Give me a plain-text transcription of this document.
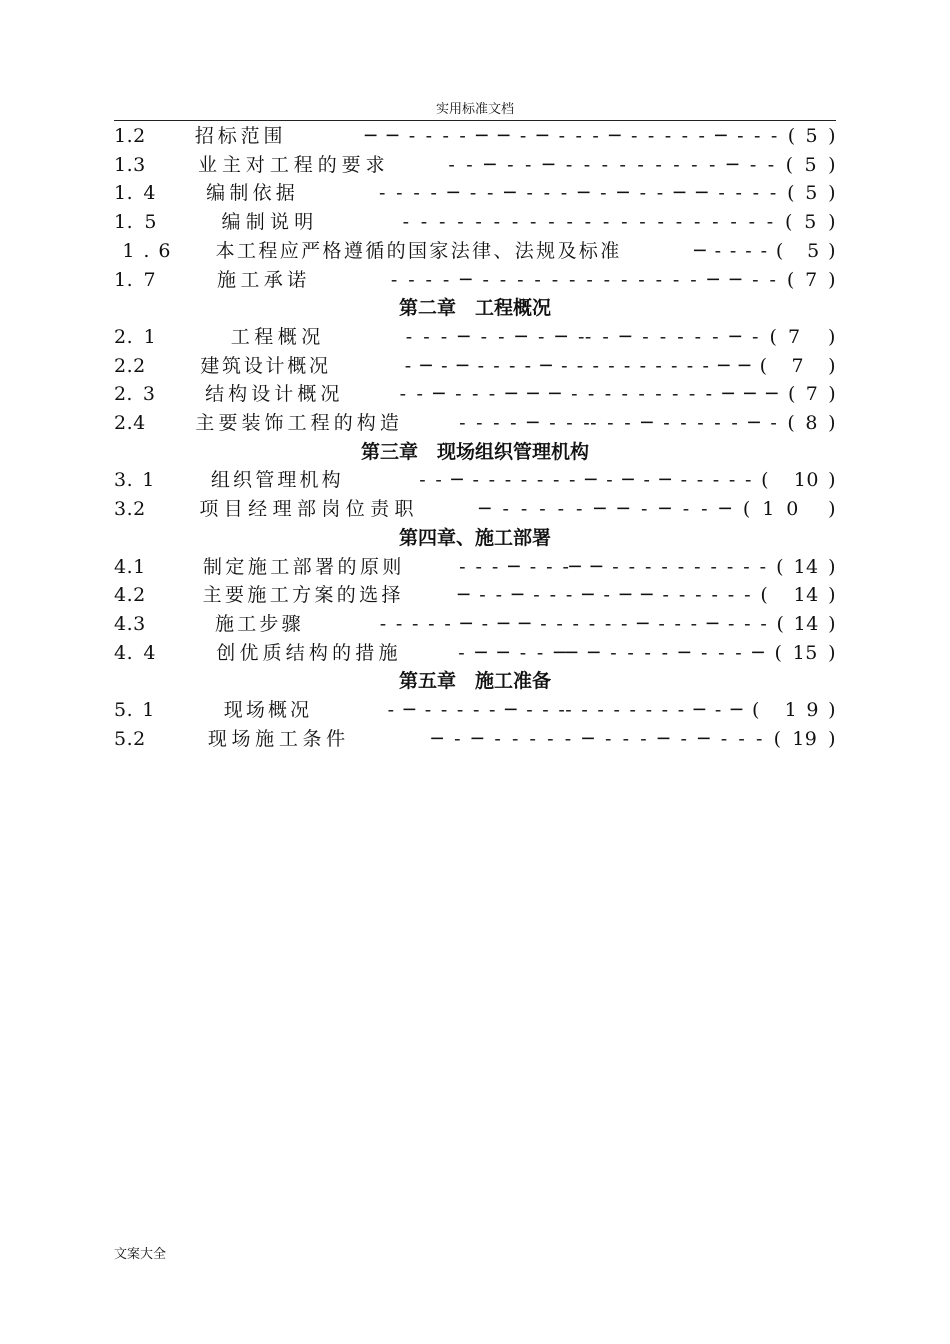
实用标准文档
1.2　　招标范围　　　 ─ ─ - - - - ─ ─ - ─ - - - ─ - - - - - ─ - - - ( 5 )
1.3　　业主对工程的要求　　 - - ─ - - ─ - - - - - - - - - ─ - - ( 5 )
1. 4　　编制依据　　　 - - - - ─ - - ─ - - - ─ - ─ - - ─ ─ - - - - ( 5 )
1. 5　　 编制说明　　　 - - - - - - - - - - - - - - - - - - - - - ( 5 )
1 . 6　　本工程应严格遵循的国家法律、法规及标准　　　 ─ - - - - (　5 )
1. 7　　 施工承诺　　　 - - - - ─ - - - - - - - - - - - - - ─ ─ - - ( 7 )
第二章　工程概况
2. 1　　　工程概况　　　 - - - ─ - - ─ - ─ -- - ─ - - - - - ─ - ( 7　)
2.2　　 建筑设计概况　　　 - ─ - ─ - - - - ─ - - - - - - - - - - ─ ─ (　7　)
2. 3　　结构设计概况　　 - - ─ - - - ─ ─ ─ - - - - - - - - - ─ ─ ─ ( 7 )
2.4　　主要装饰工程的构造　　 - - - - ─ - - -- - - ─ - - - - - ─ - ( 8 )
第三章　现场组织管理机构
3. 1　　 组织管理机构　　　 - - ─ - - - - - - - ─ - ─ - ─ - - - - - (　10 )
3.2　　项目经理部岗位责职　　 ─ - - - - - ─ ─ - ─ - - ─ ( 1 0　)
第四章、施工部署
4.1　　 制定施工部署的原则　　 - - - ─ - - -─ ─ - - - - - - - - - - ( 14 )
4.2　　 主要施工方案的选择　　 ─ - - ─ - - - ─ - ─ ─ - - - - - - (　14 )
4.3　　　施工步骤　　　 - - - - - ─ - ─ ─ - - - - - - ─ - - - ─ - - - ( 14 )
4. 4　　 创优质结构的措施　　 - ─ ─ - - ── ─ - - - - ─ - - - ─ ( 15 )
第五章　施工准备
5. 1　　　现场概况　　　 - ─ - - - - - ─ - - -- - - - - - - - ─ - ─ (　1 9 )
5.2　　 现场施工条件　　　 ─ - ─ - - - - - ─ - - - ─ - ─ - - - ( 19 )
文案大全
